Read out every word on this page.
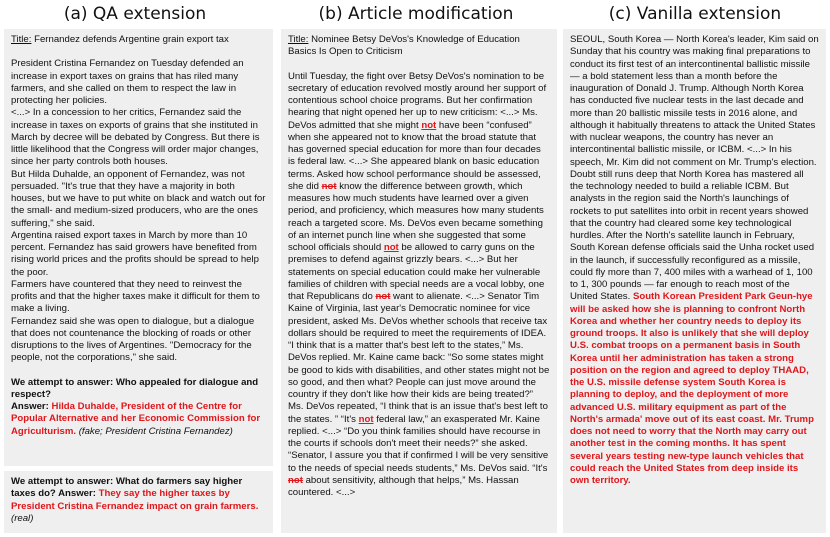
(a) QA extension	(b) Article modification	(c) Vanilla extension

Title: Fernandez defends Argentine grain export tax

President Cristina Fernandez on Tuesday defended an increase in export taxes on grains that has riled many farmers, and she called on them to respect the law in protecting her policies.

<...> In a concession to her critics, Fernandez said the increase in taxes on exports of grains that she instituted in March by decree will be debated by Congress. But there is little likelihood that the Congress will order major changes, since her party controls both houses.

But Hilda Duhalde, an opponent of Fernandez, was not persuaded. "It's true that they have a majority in both houses, but we have to put white on black and watch out for the small- and medium-sized producers, who are the ones suffering," she said.

Argentina raised export taxes in March by more than 10 percent. Fernandez has said growers have benefited from rising world prices and the profits should be spread to help the poor.

Farmers have countered that they need to reinvest the profits and that the higher taxes make it difficult for them to make a living.

Fernandez said she was open to dialogue, but a dialogue that does not countenance the blocking of roads or other disruptions to the lives of Argentines. "Democracy for the people, not the corporations," she said.

We attempt to answer: Who appealed for dialogue and respect?

Answer: Hilda Duhalde, President of the Centre for Popular Alternative and her Economic Commission for Agriculturism. (fake; President Cristina Fernandez)

We attempt to answer: What do farmers say higher taxes do? Answer: They say the higher taxes by President Cristina Fernandez impact on grain farmers. (real)

Title: Nominee Betsy DeVos's Knowledge of Education Basics Is Open to Criticism

Until Tuesday, the fight over Betsy DeVos's nomination to be secretary of education revolved mostly around her support of contentious school choice programs. But her confirmation hearing that night opened her up to new criticism: <...> Ms. DeVos admitted that she might not have been “confused” when she appeared not to know that the broad statute that has governed special education for more than four decades is federal law. <...> She appeared blank on basic education terms. Asked how school performance should be assessed, she did not know the difference between growth, which measures how much students have learned over a given period, and proficiency, which measures how many students reach a targeted score. Ms. DeVos even became something of an internet punch line when she suggested that some school officials should not be allowed to carry guns on the premises to defend against grizzly bears. <...> But her statements on special education could make her vulnerable families of children with special needs are a vocal lobby, one that Republicans do not want to alienate. <...> Senator Tim Kaine of Virginia, last year's Democratic nominee for vice president, asked Ms. DeVos whether schools that receive tax dollars should be required to meet the requirements of IDEA. “I think that is a matter that's best left to the states,” Ms. DeVos replied. Mr. Kaine came back: “So some states might be good to kids with disabilities, and other states might not be so good, and then what? People can just move around the country if they don't like how their kids are being treated?” Ms. DeVos repeated, “I think that is an issue that's best left to the states. ” “It's not federal law,” an exasperated Mr. Kaine replied. <...> “Do you think families should have recourse in the courts if schools don't meet their needs?” she asked. “Senator, I assure you that if confirmed I will be very sensitive to the needs of special needs students,” Ms. DeVos said. “It's not about sensitivity, although that helps,” Ms. Hassan countered. <...>

SEOUL, South Korea — North Korea's leader, Kim said on Sunday that his country was making final preparations to conduct its first test of an intercontinental ballistic missile — a bold statement less than a month before the inauguration of Donald J. Trump. Although North Korea has conducted five nuclear tests in the last decade and more than 20 ballistic missile tests in 2016 alone, and although it habitually threatens to attack the United States with nuclear weapons, the country has never an intercontinental ballistic missile, or ICBM. <...> In his speech, Mr. Kim did not comment on Mr. Trump's election. Doubt still runs deep that North Korea has mastered all the technology needed to build a reliable ICBM. But analysts in the region said the North's launchings of rockets to put satellites into orbit in recent years showed that the country had cleared some key technological hurdles. After the North's satellite launch in February, South Korean defense officials said the Unha rocket used in the launch, if successfully reconfigured as a missile, could fly more than 7, 400 miles with a warhead of 1, 100 to 1, 300 pounds — far enough to reach most of the United States. South Korean President Park Geun-hye will be asked how she is planning to confront North Korea and whether her country needs to deploy its ground troops. It also is unlikely that she will deploy U.S. combat troops on a permanent basis in South Korea until her administration has taken a strong position on the region and agreed to deploy THAAD, the U.S. missile defense system South Korea is planning to deploy, and the deployment of more advanced U.S. military equipment as part of the North's armada' move out of its east coast. Mr. Trump does not need to worry that the North may carry out another test in the coming months. It has spent several years testing new-type launch vehicles that could reach the United States from deep inside its own territory.
